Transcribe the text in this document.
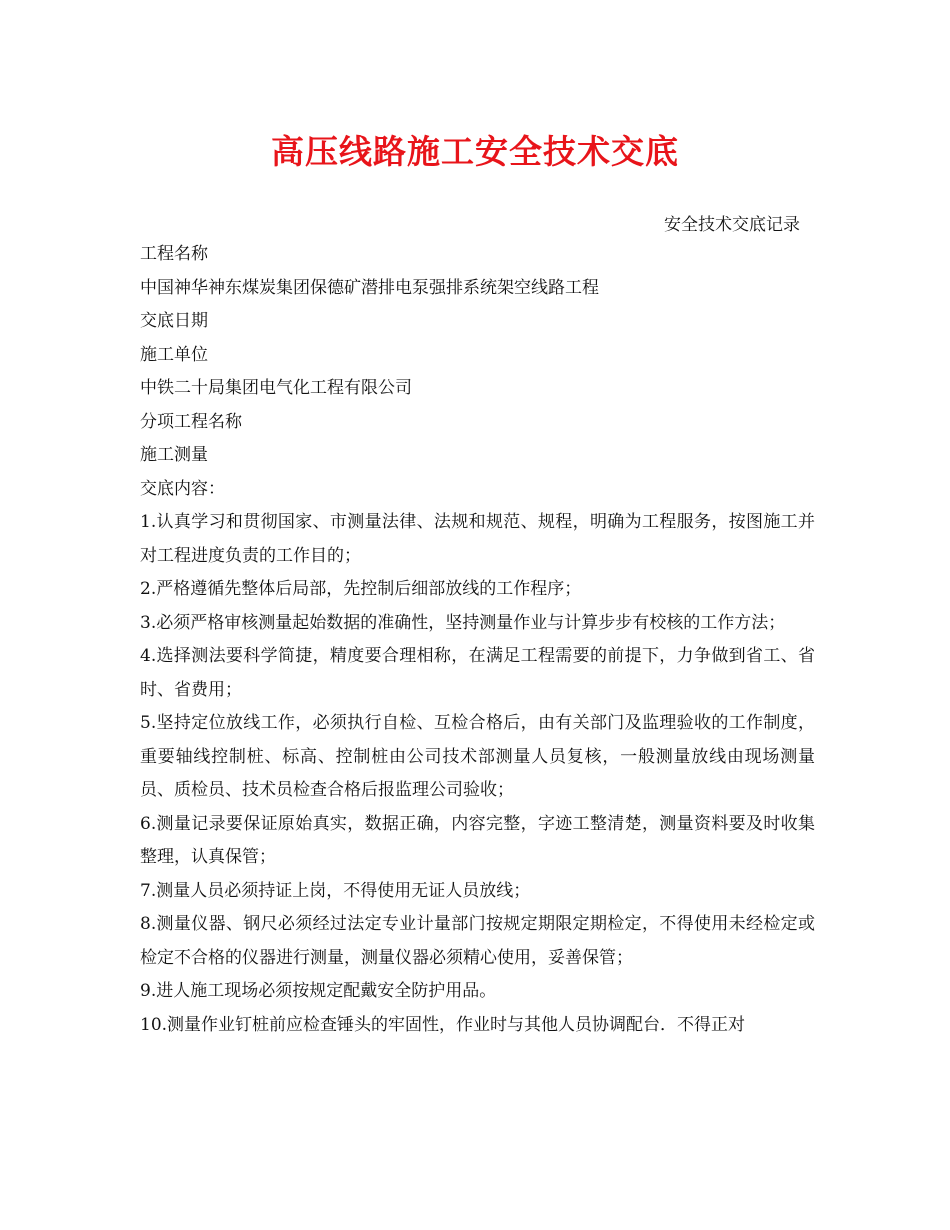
高压线路施工安全技术交底

安全技术交底记录

工程名称

中国神华神东煤炭集团保德矿潜排电泵强排系统架空线路工程

交底日期

施工单位

中铁二十局集团电气化工程有限公司

分项工程名称

施工测量

交底内容：

1.认真学习和贯彻国家、市测量法律、法规和规范、规程，明确为工程服务，按图施工并对工程进度负责的工作目的；

2.严格遵循先整体后局部，先控制后细部放线的工作程序；

3.必须严格审核测量起始数据的准确性，坚持测量作业与计算步步有校核的工作方法；

4.选择测法要科学简捷，精度要合理相称，在满足工程需要的前提下，力争做到省工、省时、省费用；

5.坚持定位放线工作，必须执行自检、互检合格后，由有关部门及监理验收的工作制度，重要轴线控制桩、标高、控制桩由公司技术部测量人员复核，一般测量放线由现场测量员、质检员、技术员检查合格后报监理公司验收；

6.测量记录要保证原始真实，数据正确，内容完整，字迹工整清楚，测量资料要及时收集整理，认真保管；

7.测量人员必须持证上岗，不得使用无证人员放线；

8.测量仪器、钢尺必须经过法定专业计量部门按规定期限定期检定，不得使用未经检定或检定不合格的仪器进行测量，测量仪器必须精心使用，妥善保管；

9.进人施工现场必须按规定配戴安全防护用品。

10.测量作业钉桩前应检查锤头的牢固性，作业时与其他人员协调配台．不得正对
